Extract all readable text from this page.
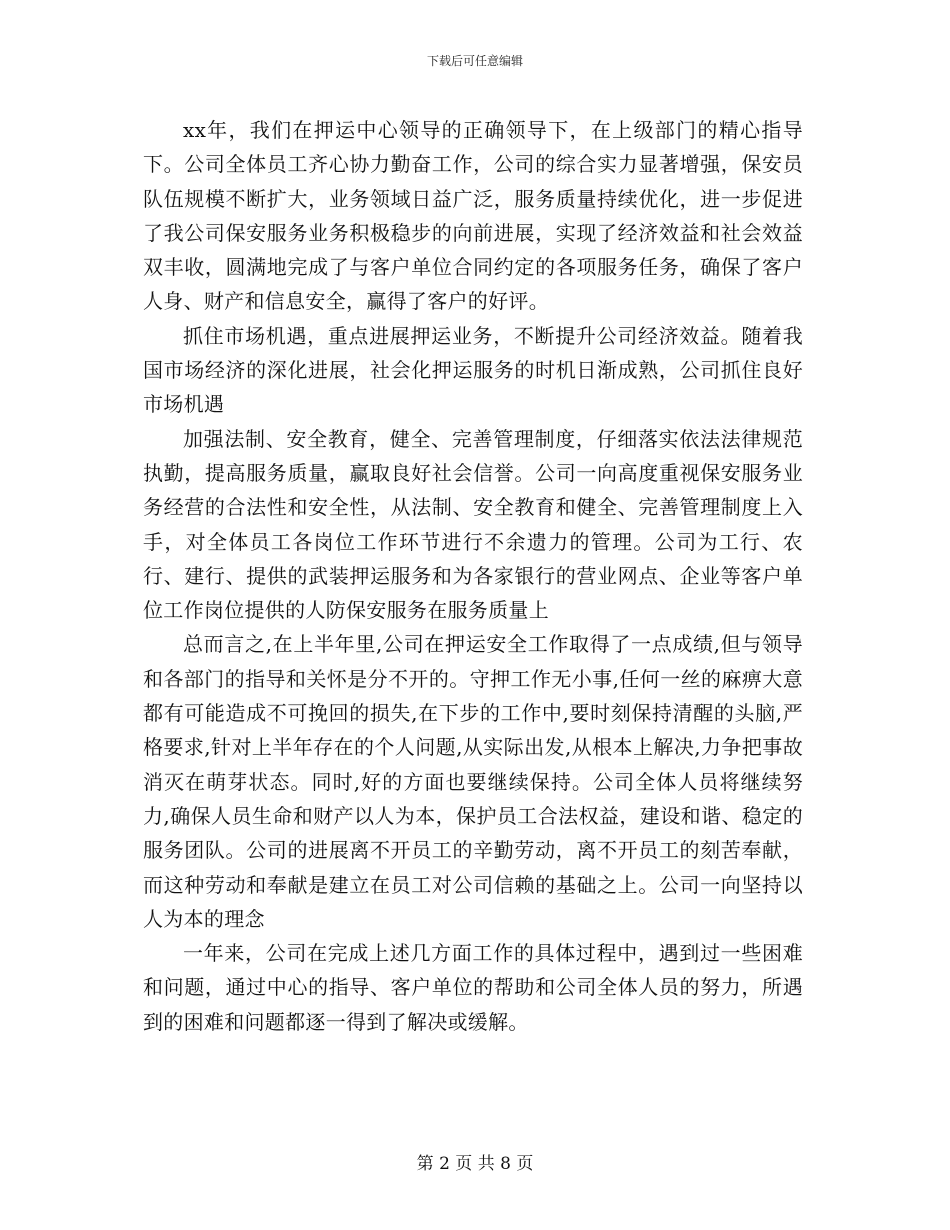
下载后可任意编辑

xx年，我们在押运中心领导的正确领导下，在上级部门的精心指导下。公司全体员工齐心协力勤奋工作，公司的综合实力显著增强，保安员队伍规模不断扩大，业务领域日益广泛，服务质量持续优化，进一步促进了我公司保安服务业务积极稳步的向前进展，实现了经济效益和社会效益双丰收，圆满地完成了与客户单位合同约定的各项服务任务，确保了客户人身、财产和信息安全，赢得了客户的好评。

抓住市场机遇，重点进展押运业务，不断提升公司经济效益。随着我国市场经济的深化进展，社会化押运服务的时机日渐成熟，公司抓住良好市场机遇

加强法制、安全教育，健全、完善管理制度，仔细落实依法法律规范执勤，提高服务质量，赢取良好社会信誉。公司一向高度重视保安服务业务经营的合法性和安全性，从法制、安全教育和健全、完善管理制度上入手，对全体员工各岗位工作环节进行不余遗力的管理。公司为工行、农行、建行、提供的武装押运服务和为各家银行的营业网点、企业等客户单位工作岗位提供的人防保安服务在服务质量上

总而言之,在上半年里,公司在押运安全工作取得了一点成绩,但与领导和各部门的指导和关怀是分不开的。守押工作无小事,任何一丝的麻痹大意都有可能造成不可挽回的损失,在下步的工作中,要时刻保持清醒的头脑,严格要求,针对上半年存在的个人问题,从实际出发,从根本上解决,力争把事故消灭在萌芽状态。同时,好的方面也要继续保持。公司全体人员将继续努力,确保人员生命和财产以人为本，保护员工合法权益，建设和谐、稳定的服务团队。公司的进展离不开员工的辛勤劳动，离不开员工的刻苦奉献，而这种劳动和奉献是建立在员工对公司信赖的基础之上。公司一向坚持以人为本的理念

一年来，公司在完成上述几方面工作的具体过程中，遇到过一些困难和问题，通过中心的指导、客户单位的帮助和公司全体人员的努力，所遇到的困难和问题都逐一得到了解决或缓解。

第 2 页 共 8 页
